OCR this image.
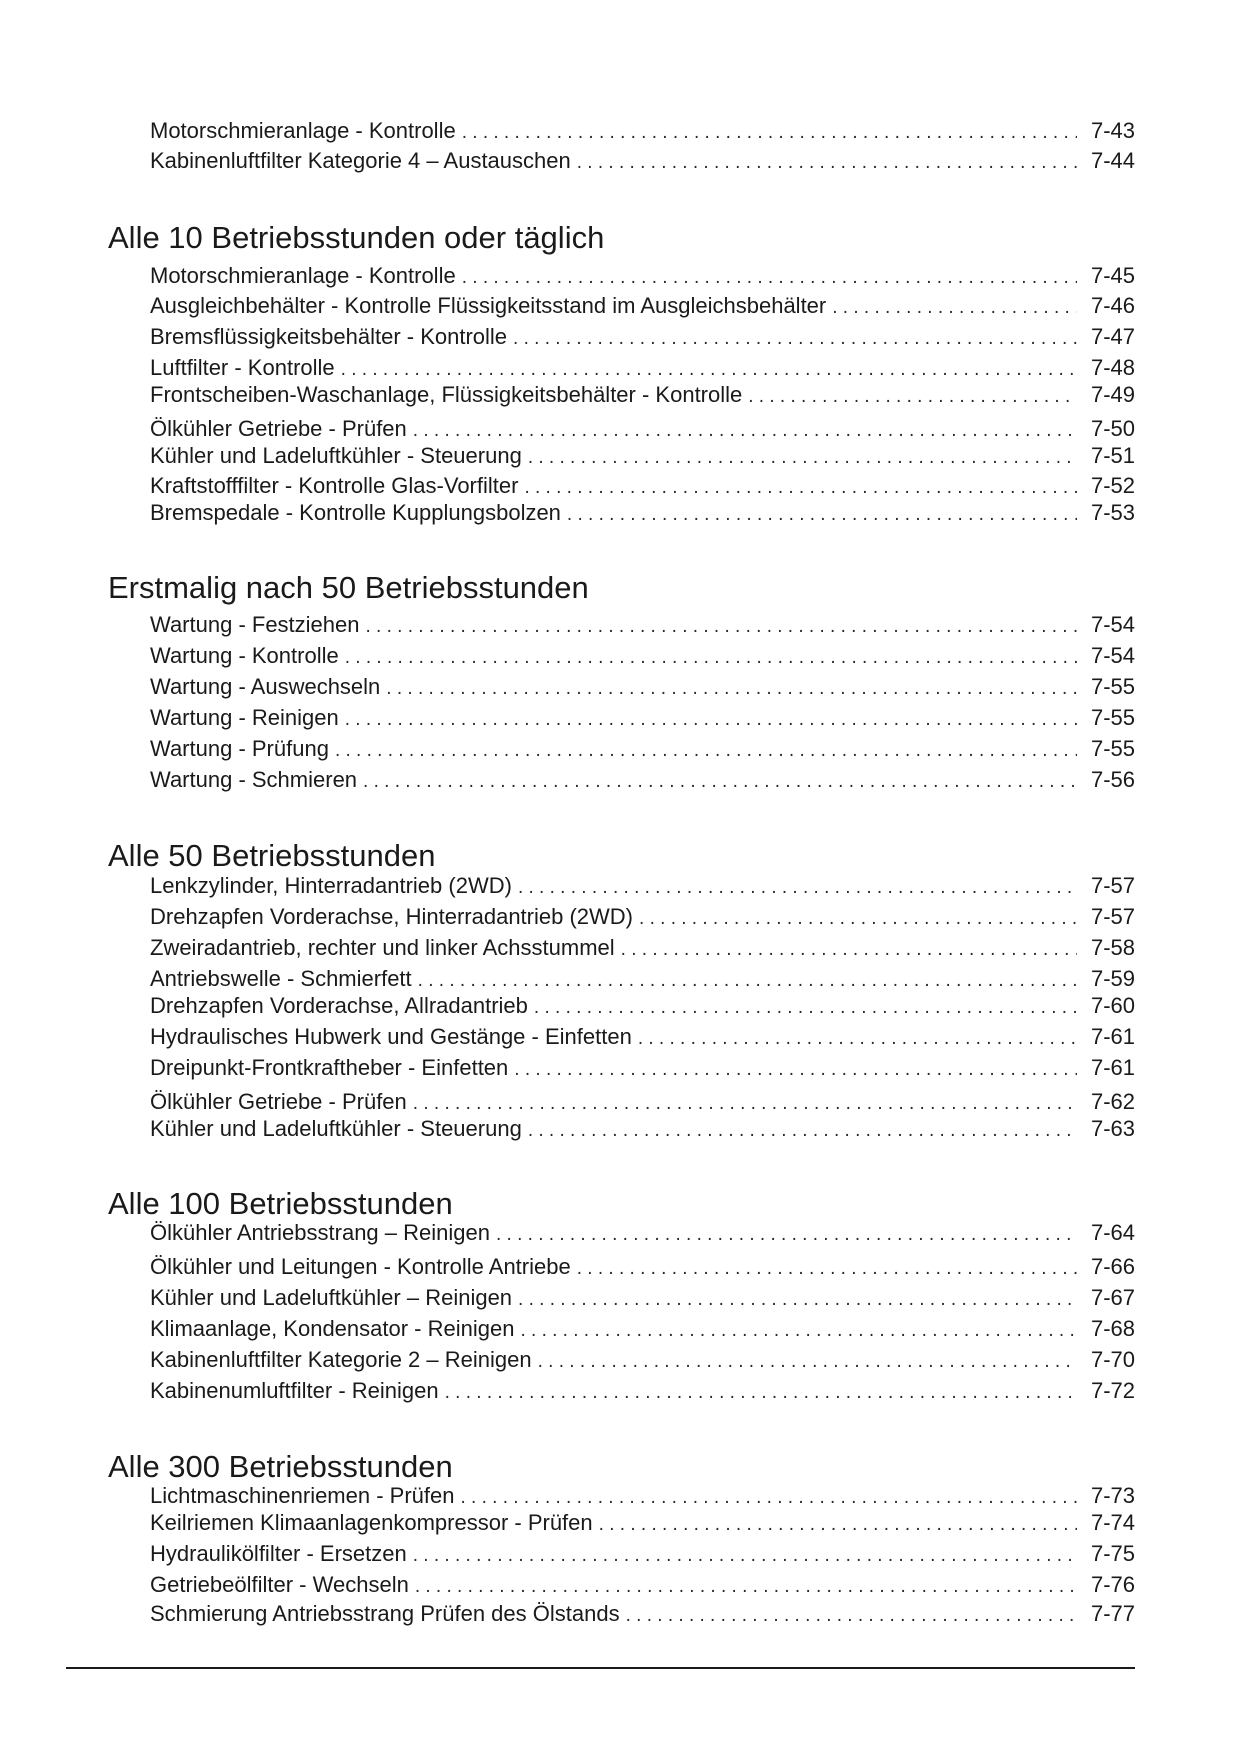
Motorschmieranlage - Kontrolle . . .	7-43
Kabinenluftfilter Kategorie 4 – Austauschen . . .	7-44
Alle 10 Betriebsstunden oder täglich
Motorschmieranlage - Kontrolle . . .	7-45
Ausgleichbehälter - Kontrolle Flüssigkeitsstand im Ausgleichsbehälter . . .	7-46
Bremsflüssigkeitsbehälter - Kontrolle . . .	7-47
Luftfilter - Kontrolle . . .	7-48
Frontscheiben-Waschanlage, Flüssigkeitsbehälter - Kontrolle . . .	7-49
Ölkühler Getriebe - Prüfen . . .	7-50
Kühler und Ladeluftkühler - Steuerung . . .	7-51
Kraftstofffilter - Kontrolle Glas-Vorfilter . . .	7-52
Bremspedale - Kontrolle Kupplungsbolzen . . .	7-53
Erstmalig nach 50 Betriebsstunden
Wartung - Festziehen . . .	7-54
Wartung - Kontrolle . . .	7-54
Wartung - Auswechseln . . .	7-55
Wartung - Reinigen . . .	7-55
Wartung - Prüfung . . .	7-55
Wartung - Schmieren . . .	7-56
Alle 50 Betriebsstunden
Lenkzylinder, Hinterradantrieb (2WD) . . .	7-57
Drehzapfen Vorderachse, Hinterradantrieb (2WD) . . .	7-57
Zweiradantrieb, rechter und linker Achsstummel . . .	7-58
Antriebswelle - Schmierfett . . .	7-59
Drehzapfen Vorderachse, Allradantrieb . . .	7-60
Hydraulisches Hubwerk und Gestänge - Einfetten . . .	7-61
Dreipunkt-Frontkraftheber - Einfetten . . .	7-61
Ölkühler Getriebe - Prüfen . . .	7-62
Kühler und Ladeluftkühler - Steuerung . . .	7-63
Alle 100 Betriebsstunden
Ölkühler Antriebsstrang – Reinigen . . .	7-64
Ölkühler und Leitungen - Kontrolle Antriebe . . .	7-66
Kühler und Ladeluftkühler – Reinigen . . .	7-67
Klimaanlage, Kondensator - Reinigen . . .	7-68
Kabinenluftfilter Kategorie 2 – Reinigen . . .	7-70
Kabinenumluftfilter - Reinigen . . .	7-72
Alle 300 Betriebsstunden
Lichtmaschinenriemen - Prüfen . . .	7-73
Keilriemen Klimaanlagenkompressor - Prüfen . . .	7-74
Hydraulikölfilter - Ersetzen . . .	7-75
Getriebeölfilter - Wechseln . . .	7-76
Schmierung Antriebsstrang Prüfen des Ölstands . . .	7-77
